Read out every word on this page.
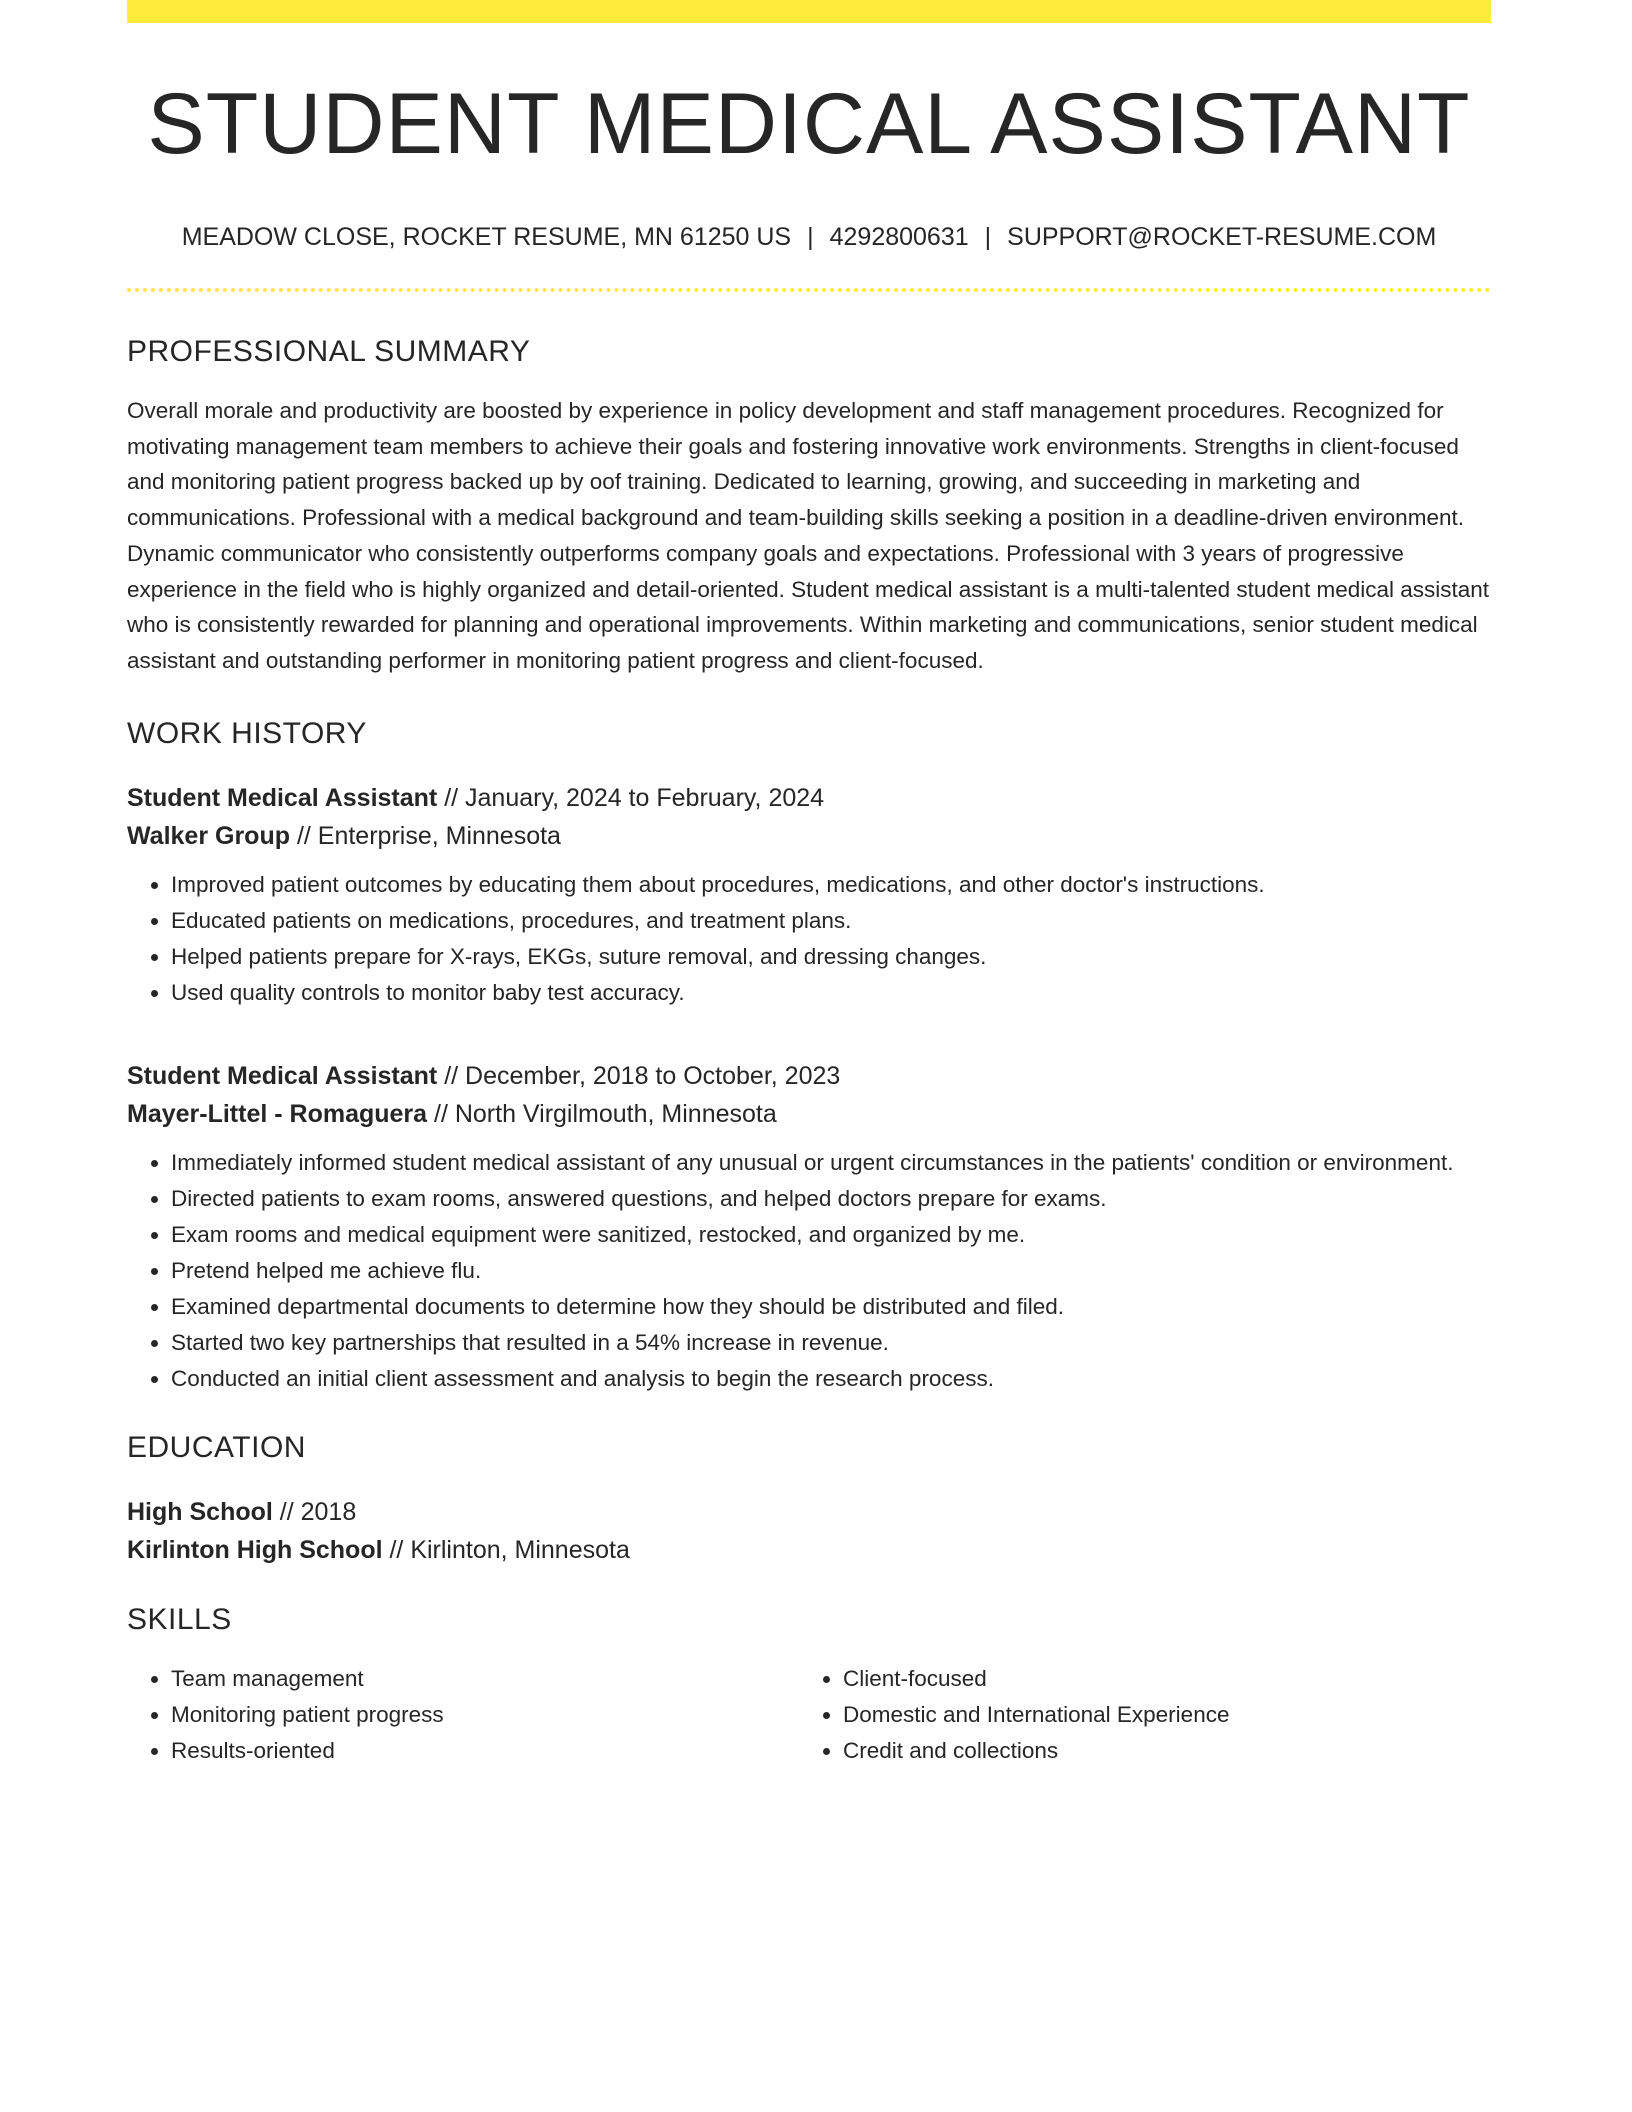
STUDENT MEDICAL ASSISTANT
MEADOW CLOSE, ROCKET RESUME, MN 61250 US | 4292800631 | SUPPORT@ROCKET-RESUME.COM
PROFESSIONAL SUMMARY

Overall morale and productivity are boosted by experience in policy development and staff management procedures. Recognized for motivating management team members to achieve their goals and fostering innovative work environments. Strengths in client-focused and monitoring patient progress backed up by oof training. Dedicated to learning, growing, and succeeding in marketing and communications. Professional with a medical background and team-building skills seeking a position in a deadline-driven environment. Dynamic communicator who consistently outperforms company goals and expectations. Professional with 3 years of progressive experience in the field who is highly organized and detail-oriented. Student medical assistant is a multi-talented student medical assistant who is consistently rewarded for planning and operational improvements. Within marketing and communications, senior student medical assistant and outstanding performer in monitoring patient progress and client-focused.

WORK HISTORY
Student Medical Assistant // January, 2024 to February, 2024
Walker Group // Enterprise, Minnesota
• Improved patient outcomes by educating them about procedures, medications, and other doctor's instructions.
• Educated patients on medications, procedures, and treatment plans.
• Helped patients prepare for X-rays, EKGs, suture removal, and dressing changes.
• Used quality controls to monitor baby test accuracy.
Student Medical Assistant // December, 2018 to October, 2023
Mayer-Littel - Romaguera // North Virgilmouth, Minnesota
• Immediately informed student medical assistant of any unusual or urgent circumstances in the patients' condition or environment.
• Directed patients to exam rooms, answered questions, and helped doctors prepare for exams.
• Exam rooms and medical equipment were sanitized, restocked, and organized by me.
• Pretend helped me achieve flu.
• Examined departmental documents to determine how they should be distributed and filed.
• Started two key partnerships that resulted in a 54% increase in revenue.
• Conducted an initial client assessment and analysis to begin the research process.
EDUCATION
High School // 2018
Kirlinton High School // Kirlinton, Minnesota
SKILLS
• Team management
• Monitoring patient progress
• Results-oriented
• Client-focused
• Domestic and International Experience
• Credit and collections
